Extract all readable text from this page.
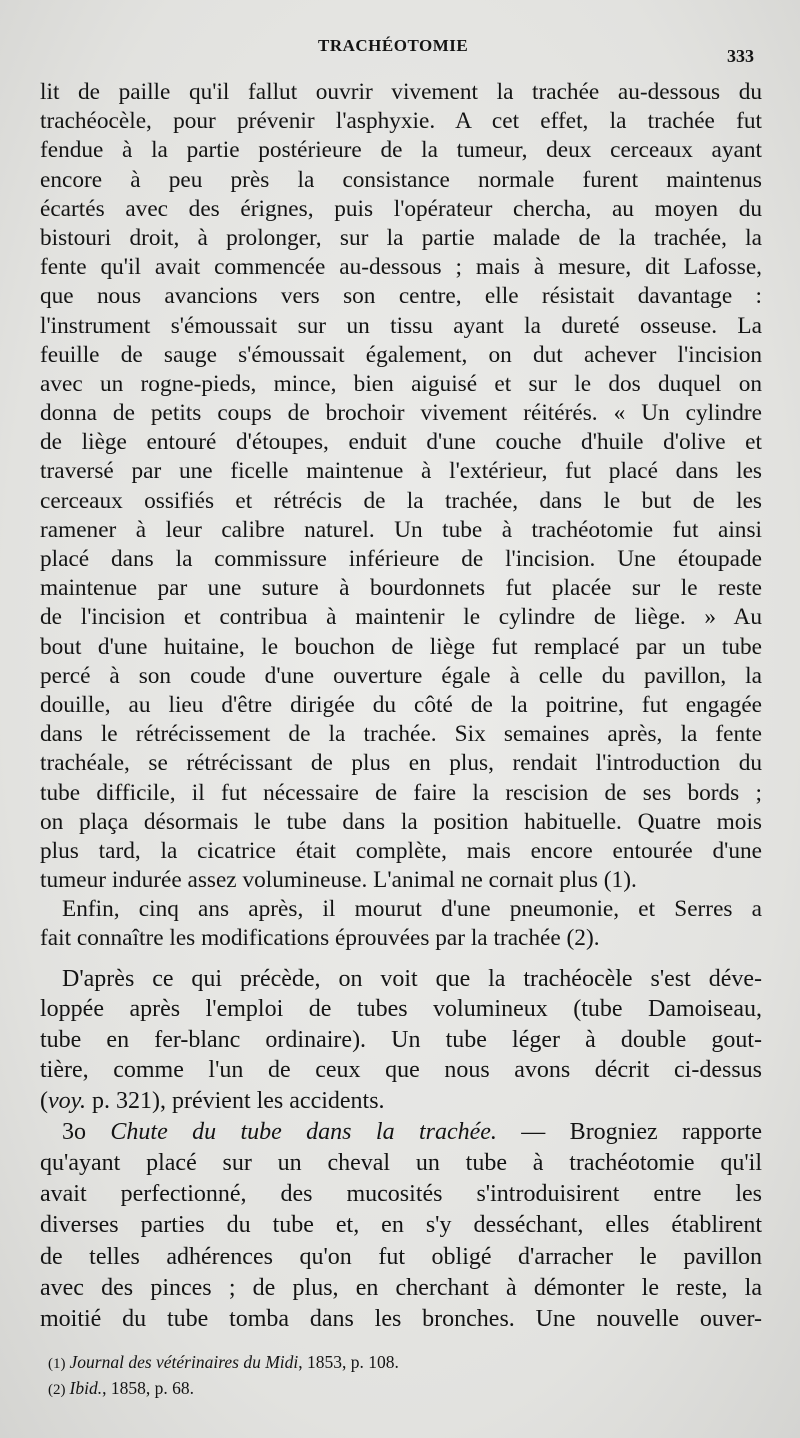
TRACHÉOTOMIE
333
lit de paille qu'il fallut ouvrir vivement la trachée au-dessous du
trachéocèle, pour prévenir l'asphyxie. A cet effet, la trachée fut
fendue à la partie postérieure de la tumeur, deux cerceaux ayant
encore à peu près la consistance normale furent maintenus
écartés avec des érignes, puis l'opérateur chercha, au moyen du
bistouri droit, à prolonger, sur la partie malade de la trachée, la
fente qu'il avait commencée au-dessous ; mais à mesure, dit Lafosse,
que nous avancions vers son centre, elle résistait davantage :
l'instrument s'émoussait sur un tissu ayant la dureté osseuse. La
feuille de sauge s'émoussait également, on dut achever l'incision
avec un rogne-pieds, mince, bien aiguisé et sur le dos duquel on
donna de petits coups de brochoir vivement réitérés. « Un cylindre
de liège entouré d'étoupes, enduit d'une couche d'huile d'olive et
traversé par une ficelle maintenue à l'extérieur, fut placé dans les
cerceaux ossifiés et rétrécis de la trachée, dans le but de les
ramener à leur calibre naturel. Un tube à trachéotomie fut ainsi
placé dans la commissure inférieure de l'incision. Une étoupade
maintenue par une suture à bourdonnets fut placée sur le reste
de l'incision et contribua à maintenir le cylindre de liège. » Au
bout d'une huitaine, le bouchon de liège fut remplacé par un tube
percé à son coude d'une ouverture égale à celle du pavillon, la
douille, au lieu d'être dirigée du côté de la poitrine, fut engagée
dans le rétrécissement de la trachée. Six semaines après, la fente
trachéale, se rétrécissant de plus en plus, rendait l'introduction du
tube difficile, il fut nécessaire de faire la rescision de ses bords ;
on plaça désormais le tube dans la position habituelle. Quatre mois
plus tard, la cicatrice était complète, mais encore entourée d'une
tumeur indurée assez volumineuse. L'animal ne cornait plus (1).
Enfin, cinq ans après, il mourut d'une pneumonie, et Serres a
fait connaître les modifications éprouvées par la trachée (2).
D'après ce qui précède, on voit que la trachéocèle s'est déve-
loppée après l'emploi de tubes volumineux (tube Damoiseau,
tube en fer-blanc ordinaire). Un tube léger à double gout-
tière, comme l'un de ceux que nous avons décrit ci-dessus
(voy. p. 321), prévient les accidents.
3o Chute du tube dans la trachée. — Brogniez rapporte
qu'ayant placé sur un cheval un tube à trachéotomie qu'il
avait perfectionné, des mucosités s'introduisirent entre les
diverses parties du tube et, en s'y desséchant, elles établirent
de telles adhérences qu'on fut obligé d'arracher le pavillon
avec des pinces ; de plus, en cherchant à démonter le reste, la
moitié du tube tomba dans les bronches. Une nouvelle ouver-
(1) Journal des vétérinaires du Midi, 1853, p. 108.
(2) Ibid., 1858, p. 68.
